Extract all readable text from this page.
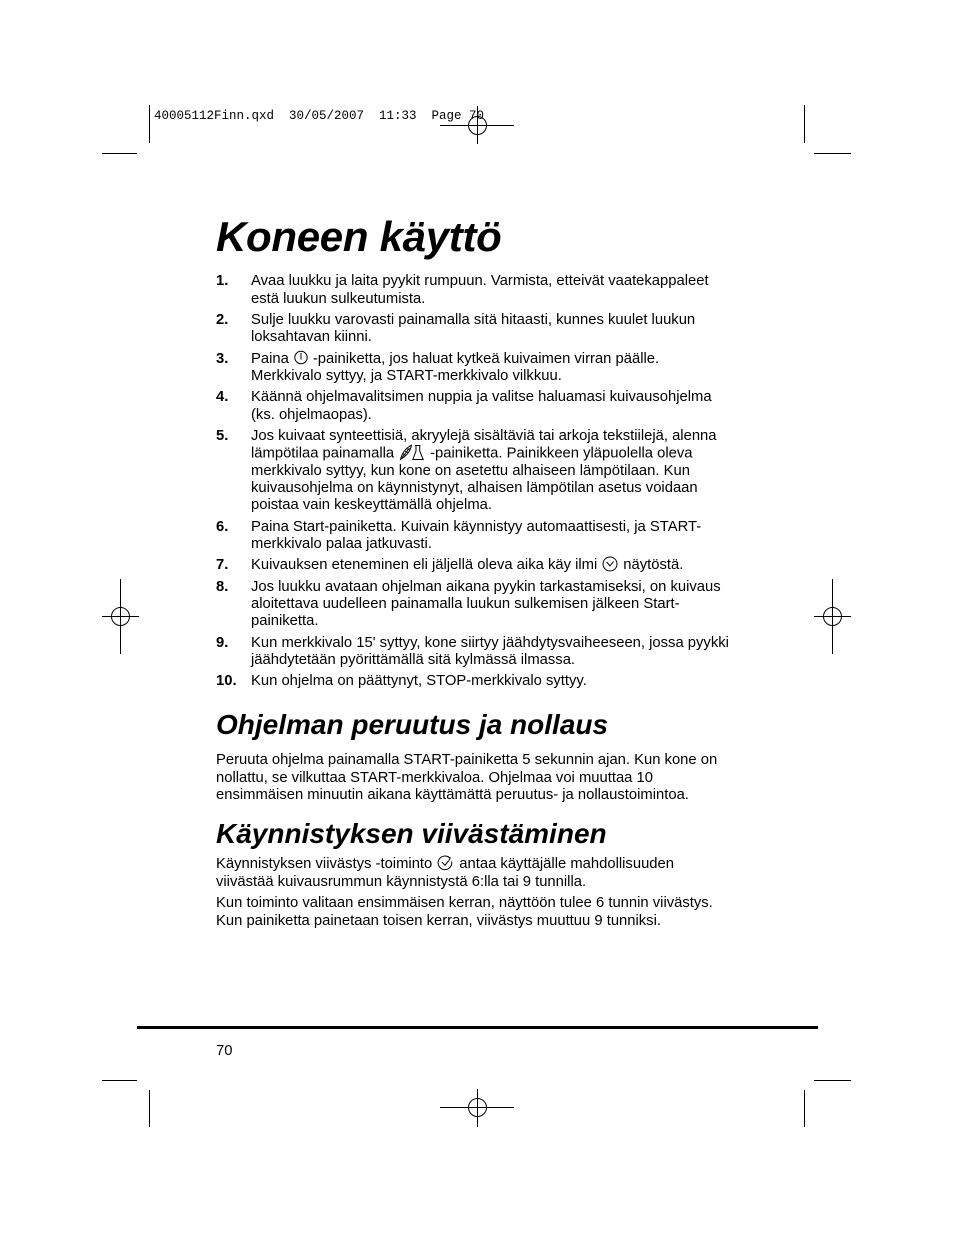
40005112Finn.qxd  30/05/2007  11:33  Page 70
Koneen käyttö
1. Avaa luukku ja laita pyykit rumpuun. Varmista, etteivät vaatekappaleet
estä luukun sulkeutumista.
2. Sulje luukku varovasti painamalla sitä hitaasti, kunnes kuulet luukun
loksahtavan kiinni.
3. Paina -painiketta, jos haluat kytkeä kuivaimen virran päälle.
Merkkivalo syttyy, ja START-merkkivalo vilkkuu.
4. Käännä ohjelmavalitsimen nuppia ja valitse haluamasi kuivausohjelma
(ks. ohjelmaopas).
5. Jos kuivaat synteettisiä, akryylejä sisältäviä tai arkoja tekstiilejä, alenna
lämpötilaa painamalla -painiketta. Painikkeen yläpuolella oleva
merkkivalo syttyy, kun kone on asetettu alhaiseen lämpötilaan. Kun
kuivausohjelma on käynnistynyt, alhaisen lämpötilan asetus voidaan
poistaa vain keskeyttämällä ohjelma.
6. Paina Start-painiketta. Kuivain käynnistyy automaattisesti, ja START-
merkkivalo palaa jatkuvasti.
7. Kuivauksen eteneminen eli jäljellä oleva aika käy ilmi näytöstä.
8. Jos luukku avataan ohjelman aikana pyykin tarkastamiseksi, on kuivaus
aloitettava uudelleen painamalla luukun sulkemisen jälkeen Start-
painiketta.
9. Kun merkkivalo 15' syttyy, kone siirtyy jäähdytysvaiheeseen, jossa pyykki
jäähdytetään pyörittämällä sitä kylmässä ilmassa.
10. Kun ohjelma on päättynyt, STOP-merkkivalo syttyy.
Ohjelman peruutus ja nollaus
Peruuta ohjelma painamalla START-painiketta 5 sekunnin ajan. Kun kone on
nollattu, se vilkuttaa START-merkkivaloa. Ohjelmaa voi muuttaa 10
ensimmäisen minuutin aikana käyttämättä peruutus- ja nollaustoimintoa.
Käynnistyksen viivästäminen
Käynnistyksen viivästys -toiminto antaa käyttäjälle mahdollisuuden
viivästää kuivausrummun käynnistystä 6:lla tai 9 tunnilla.
Kun toiminto valitaan ensimmäisen kerran, näyttöön tulee 6 tunnin viivästys.
Kun painiketta painetaan toisen kerran, viivästys muuttuu 9 tunniksi.
70
